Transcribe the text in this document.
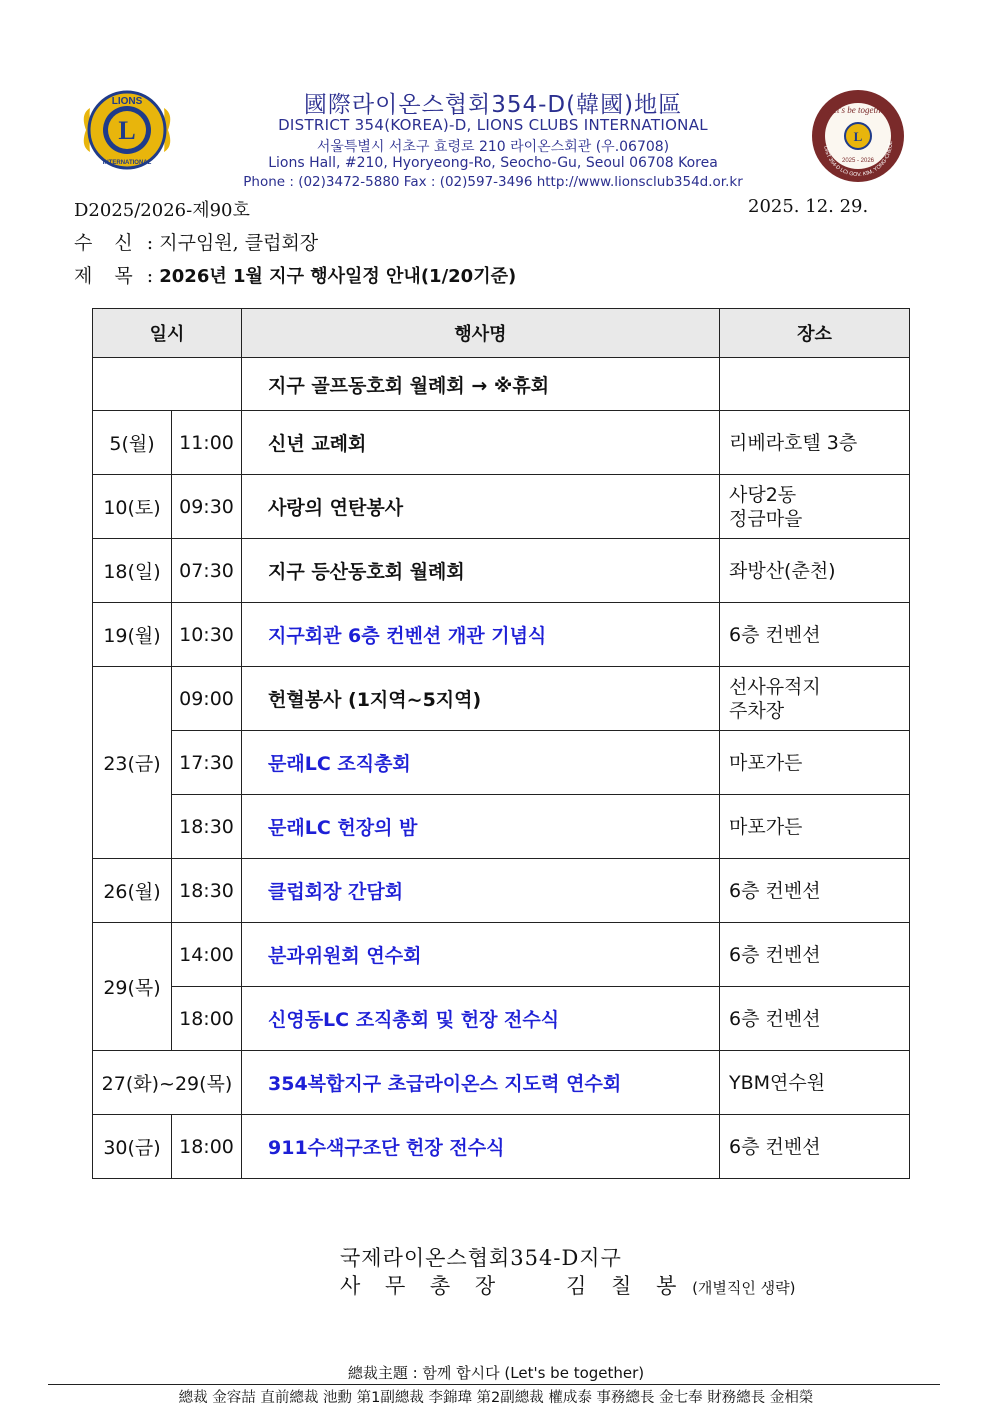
L
LIONS
INTERNATIONAL
國際라이온스협회354-D(韓國)地區
DISTRICT 354(KOREA)-D, LIONS CLUBS INTERNATIONAL
서울특별시 서초구 효령로 210 라이온스회관 (우.06708)
Lions Hall, #210, Hyoryeong-Ro, Seocho-Gu, Seoul 06708 Korea
Phone : (02)3472-5880 Fax : (02)597-3496 http://www.lionsclub354d.or.kr
L
Let's be together
2025 - 2026
DIST 354-D LCI GOV. KIM, YONG-CHEOL
D2025/2026-제90호	2025. 12. 29.
수 신 : 지구임원, 클럽회장
제 목 : 2026년 1월 지구 행사일정 안내(1/20기준)
일시		행사명	장소
		지구 골프동호회 월례회 → ※휴회	
5(월)	11:00	신년 교례회	리베라호텔 3층
10(토)	09:30	사랑의 연탄봉사	사당2동
정금마을

18(일)	07:30	지구 등산동호회 월례회	좌방산(춘천)
19(월)	10:30	지구회관 6층 컨벤션 개관 기념식	6층 컨벤션
23(금)	09:00	헌혈봉사 (1지역~5지역)	선사유적지
주차장

	17:30	문래LC 조직총회	마포가든
	18:30	문래LC 헌장의 밤	마포가든
26(월)	18:30	클럽회장 간담회	6층 컨벤션
29(목)	14:00	분과위원회 연수회	6층 컨벤션
	18:00	신영동LC 조직총회 및 헌장 전수식	6층 컨벤션
27(화)~29(목)		354복합지구 초급라이온스 지도력 연수회	YBM연수원
30(금)	18:00	911수색구조단 헌장 전수식	6층 컨벤션
국제라이온스협회354-D지구
사 무 총 장	김 칠 봉 (개별직인 생략)
總裁主題 : 함께 합시다 (Let's be together)
總裁 金容喆 直前總裁 池勳 第1副總裁 李錦瑋 第2副總裁 權成泰 事務總長 金七奉 財務總長 金相榮
